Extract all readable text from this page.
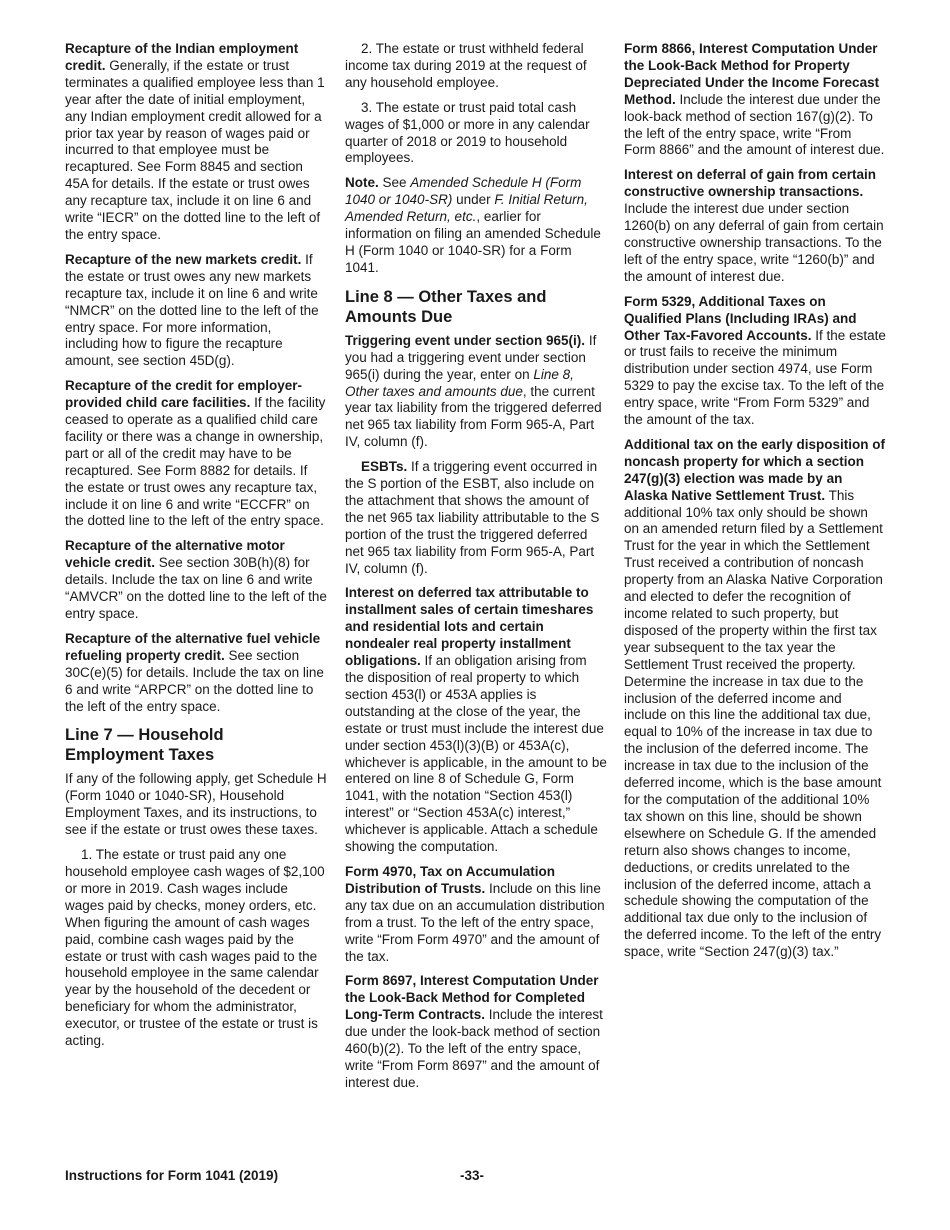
Recapture of the Indian employment credit. Generally, if the estate or trust terminates a qualified employee less than 1 year after the date of initial employment, any Indian employment credit allowed for a prior tax year by reason of wages paid or incurred to that employee must be recaptured. See Form 8845 and section 45A for details. If the estate or trust owes any recapture tax, include it on line 6 and write “IECR” on the dotted line to the left of the entry space.

Recapture of the new markets credit. If the estate or trust owes any new markets recapture tax, include it on line 6 and write “NMCR” on the dotted line to the left of the entry space. For more information, including how to figure the recapture amount, see section 45D(g).

Recapture of the credit for employer-provided child care facilities. If the facility ceased to operate as a qualified child care facility or there was a change in ownership, part or all of the credit may have to be recaptured. See Form 8882 for details. If the estate or trust owes any recapture tax, include it on line 6 and write “ECCFR” on the dotted line to the left of the entry space.

Recapture of the alternative motor vehicle credit. See section 30B(h)(8) for details. Include the tax on line 6 and write “AMVCR” on the dotted line to the left of the entry space.

Recapture of the alternative fuel vehicle refueling property credit. See section 30C(e)(5) for details. Include the tax on line 6 and write “ARPCR” on the dotted line to the left of the entry space.

Line 7 — Household Employment Taxes

If any of the following apply, get Schedule H (Form 1040 or 1040-SR), Household Employment Taxes, and its instructions, to see if the estate or trust owes these taxes.

1. The estate or trust paid any one household employee cash wages of $2,100 or more in 2019. Cash wages include wages paid by checks, money orders, etc. When figuring the amount of cash wages paid, combine cash wages paid by the estate or trust with cash wages paid to the household employee in the same calendar year by the household of the decedent or beneficiary for whom the administrator, executor, or trustee of the estate or trust is acting.

2. The estate or trust withheld federal income tax during 2019 at the request of any household employee.

3. The estate or trust paid total cash wages of $1,000 or more in any calendar quarter of 2018 or 2019 to household employees.

Note. See Amended Schedule H (Form 1040 or 1040-SR) under F. Initial Return, Amended Return, etc., earlier for information on filing an amended Schedule H (Form 1040 or 1040-SR) for a Form 1041.

Line 8 — Other Taxes and Amounts Due

Triggering event under section 965(i). If you had a triggering event under section 965(i) during the year, enter on Line 8, Other taxes and amounts due, the current year tax liability from the triggered deferred net 965 tax liability from Form 965-A, Part IV, column (f).

ESBTs. If a triggering event occurred in the S portion of the ESBT, also include on the attachment that shows the amount of the net 965 tax liability attributable to the S portion of the trust the triggered deferred net 965 tax liability from Form 965-A, Part IV, column (f).

Interest on deferred tax attributable to installment sales of certain timeshares and residential lots and certain nondealer real property installment obligations. If an obligation arising from the disposition of real property to which section 453(l) or 453A applies is outstanding at the close of the year, the estate or trust must include the interest due under section 453(l)(3)(B) or 453A(c), whichever is applicable, in the amount to be entered on line 8 of Schedule G, Form 1041, with the notation “Section 453(l) interest” or “Section 453A(c) interest,” whichever is applicable. Attach a schedule showing the computation.

Form 4970, Tax on Accumulation Distribution of Trusts. Include on this line any tax due on an accumulation distribution from a trust. To the left of the entry space, write “From Form 4970” and the amount of the tax.

Form 8697, Interest Computation Under the Look-Back Method for Completed Long-Term Contracts. Include the interest due under the look-back method of section 460(b)(2). To the left of the entry space, write “From Form 8697” and the amount of interest due.

Form 8866, Interest Computation Under the Look-Back Method for Property Depreciated Under the Income Forecast Method. Include the interest due under the look-back method of section 167(g)(2). To the left of the entry space, write “From Form 8866” and the amount of interest due.

Interest on deferral of gain from certain constructive ownership transactions. Include the interest due under section 1260(b) on any deferral of gain from certain constructive ownership transactions. To the left of the entry space, write “1260(b)” and the amount of interest due.

Form 5329, Additional Taxes on Qualified Plans (Including IRAs) and Other Tax-Favored Accounts. If the estate or trust fails to receive the minimum distribution under section 4974, use Form 5329 to pay the excise tax. To the left of the entry space, write “From Form 5329” and the amount of the tax.

Additional tax on the early disposition of noncash property for which a section 247(g)(3) election was made by an Alaska Native Settlement Trust. This additional 10% tax only should be shown on an amended return filed by a Settlement Trust for the year in which the Settlement Trust received a contribution of noncash property from an Alaska Native Corporation and elected to defer the recognition of income related to such property, but disposed of the property within the first tax year subsequent to the tax year the Settlement Trust received the property. Determine the increase in tax due to the inclusion of the deferred income and include on this line the additional tax due, equal to 10% of the increase in tax due to the inclusion of the deferred income. The increase in tax due to the inclusion of the deferred income, which is the base amount for the computation of the additional 10% tax shown on this line, should be shown elsewhere on Schedule G. If the amended return also shows changes to income, deductions, or credits unrelated to the inclusion of the deferred income, attach a schedule showing the computation of the additional tax due only to the inclusion of the deferred income. To the left of the entry space, write “Section 247(g)(3) tax.”

Instructions for Form 1041 (2019)	-33-
